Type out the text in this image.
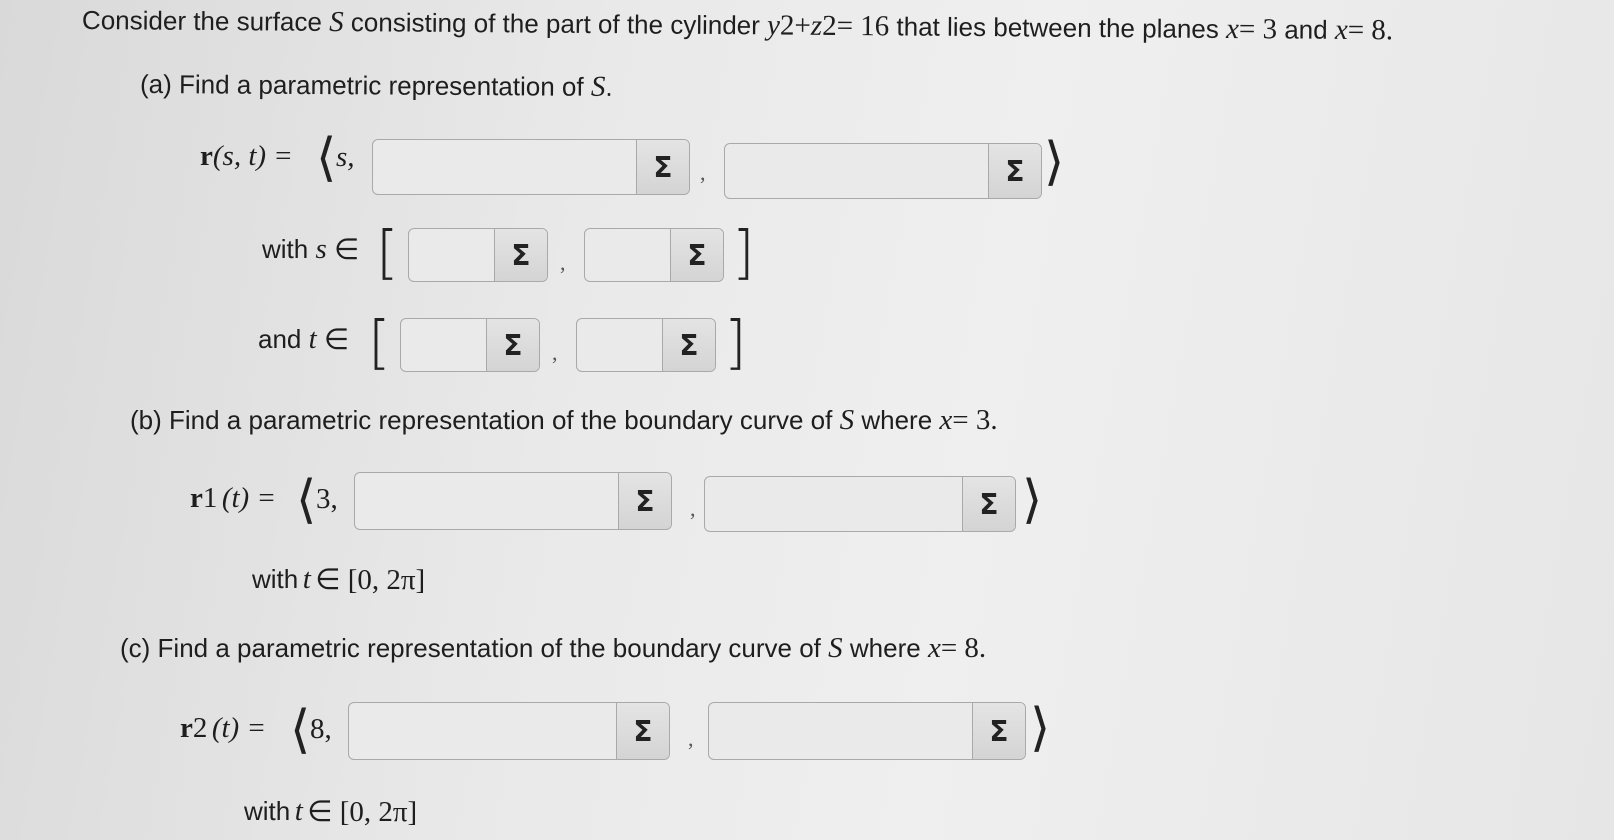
Consider the surface
S
consisting of the part of the cylinder
y 2 + z 2 = 16
that lies between the planes
x = 3
and
x = 8.
(a) Find a parametric representation of
S .
r (s, t) = ⟨ s,	Σ	,	Σ ⟩
with
s
∈ [	Σ	,	Σ ]
and
t
∈ [	Σ	,	Σ ]
(b) Find a parametric representation of the boundary curve of
S
where
x = 3.
r 1
(t) = ⟨ 3,	Σ	,	Σ ⟩
with
t
∈ [0, 2π]
(c) Find a parametric representation of the boundary curve of
S
where
x = 8.
r 2
(t) = ⟨ 8,	Σ	,	Σ ⟩
with
t
∈ [0, 2π]
